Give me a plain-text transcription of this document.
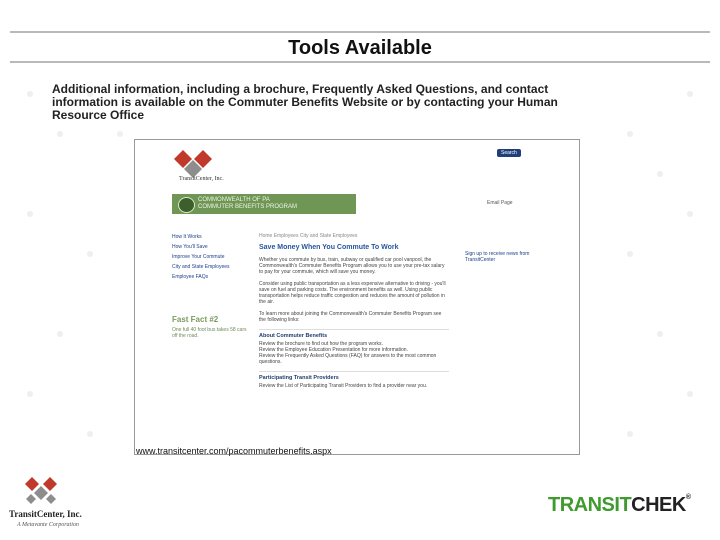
Tools Available
Additional information, including a brochure, Frequently Asked Questions, and contact information is available on the Commuter Benefits Website or by contacting your Human Resource Office
TransitCenter, Inc.
Search
COMMONWEALTH OF PA
COMMUTER BENEFITS PROGRAM
Email Page
How It Works
How You'll Save
Improve Your Commute
City and State Employees
Employee FAQs
Fast Fact #2
One full 40 foot bus takes 58 cars off the road.
Home Employees City and State Employees
Save Money When You Commute To Work
Whether you commute by bus, train, subway or qualified car pool vanpool, the Commonwealth's Commuter Benefits Program allows you to use your pre-tax salary to pay for your commute, which will save you money.
Consider using public transportation as a less expensive alternative to driving - you'll save on fuel and parking costs. The environment benefits as well. Using public transportation helps reduce traffic congestion and reduces the amount of pollution in the air.
To learn more about joining the Commonwealth's Commuter Benefits Program see the following links:
About Commuter Benefits
Review the brochure to find out how the program works.
Review the Employee Education Presentation for more information.
Review the Frequently Asked Questions (FAQ) for answers to the most common questions.
Participating Transit Providers
Review the List of Participating Transit Providers to find a provider near you.
Sign up to receive news from TransitCenter
www.transitcenter.com/pacommuterbenefits.aspx
TransitCenter, Inc.
A Metavante Corporation
TRANSITCHEK®
